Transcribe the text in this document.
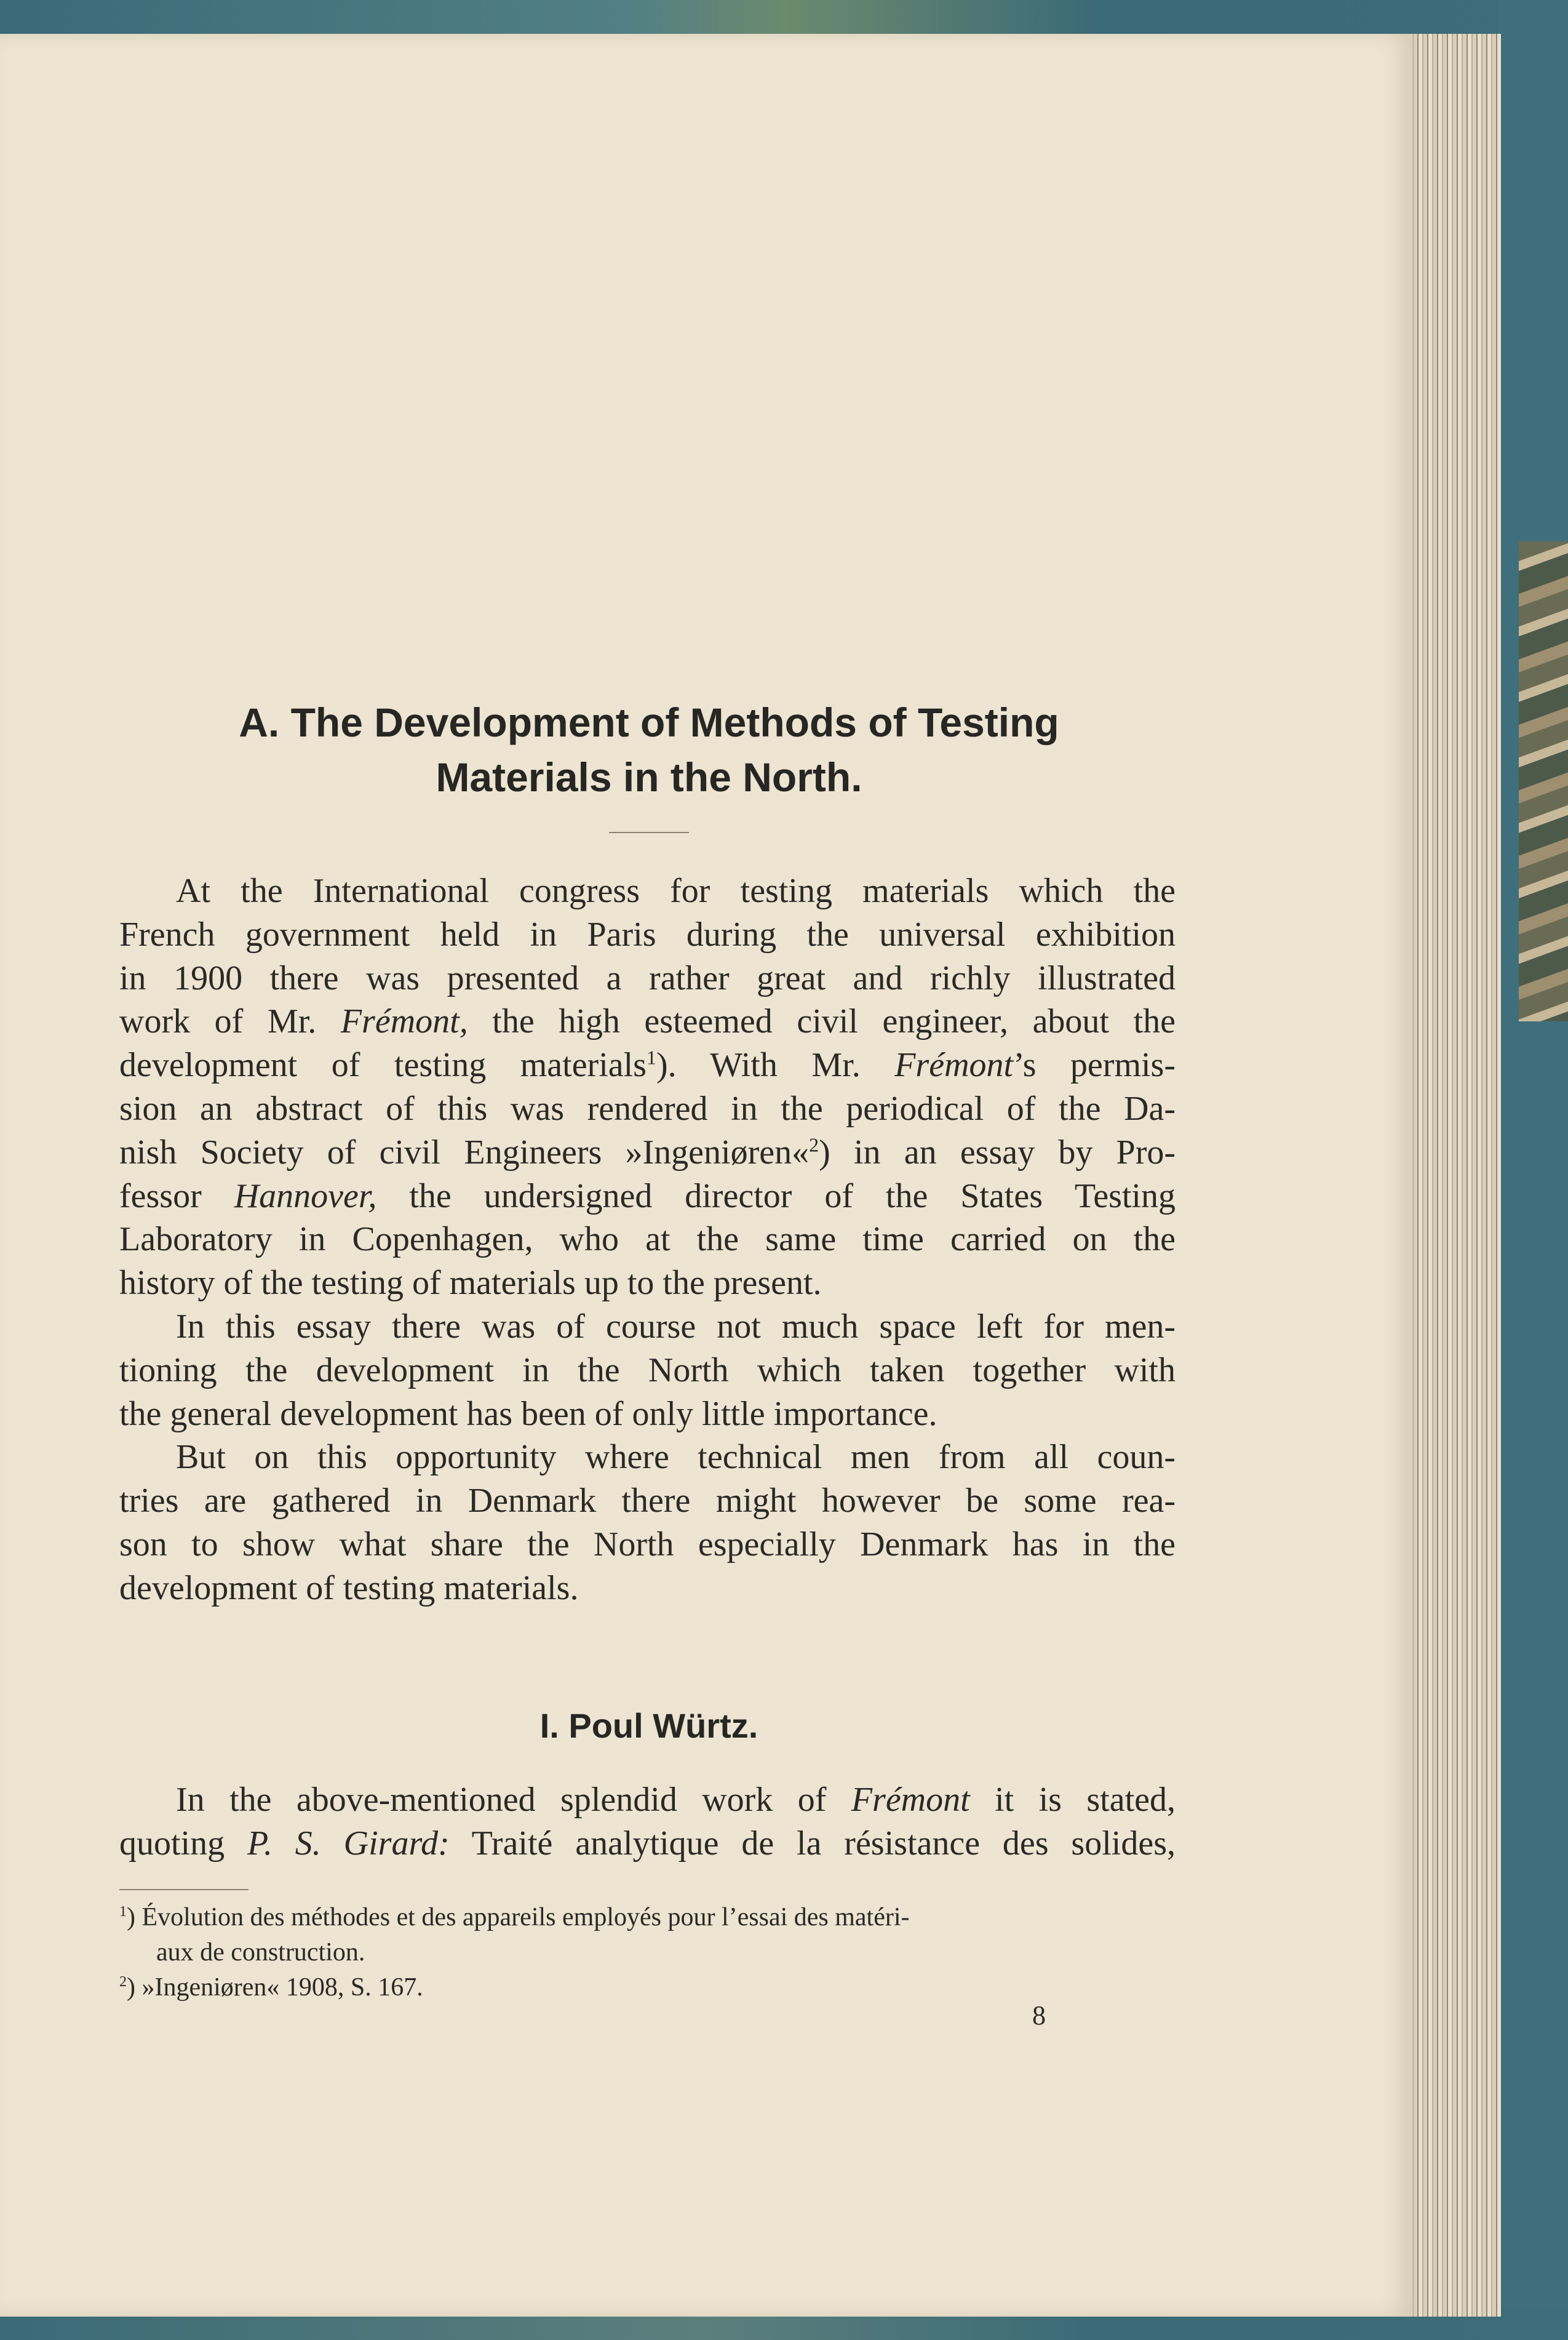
A. The Development of Methods of Testing
Materials in the North.
At the International congress for testing materials which the
French government held in Paris during the universal exhibition
in 1900 there was presented a rather great and richly illustrated
work of Mr. Frémont, the high esteemed civil engineer, about the
development of testing materials$^1$). With Mr. Frémont’s permis-
sion an abstract of this was rendered in the periodical of the Da-
nish Society of civil Engineers »Ingeniøren«$^2$) in an essay by Pro-
fessor Hannover, the undersigned director of the States Testing
Laboratory in Copenhagen, who at the same time carried on the
history of the testing of materials up to the present.
In this essay there was of course not much space left for men-
tioning the development in the North which taken together with
the general development has been of only little importance.
But on this opportunity where technical men from all coun-
tries are gathered in Denmark there might however be some rea-
son to show what share the North especially Denmark has in the
development of testing materials.
I. Poul Würtz.
In the above-mentioned splendid work of Frémont it is stated,
quoting P. S. Girard: Traité analytique de la résistance des solides,
$^1$) Évolution des méthodes et des appareils employés pour l’essai des matéri-
aux de construction.
$^2$) »Ingeniøren« 1908, S. 167.
8
